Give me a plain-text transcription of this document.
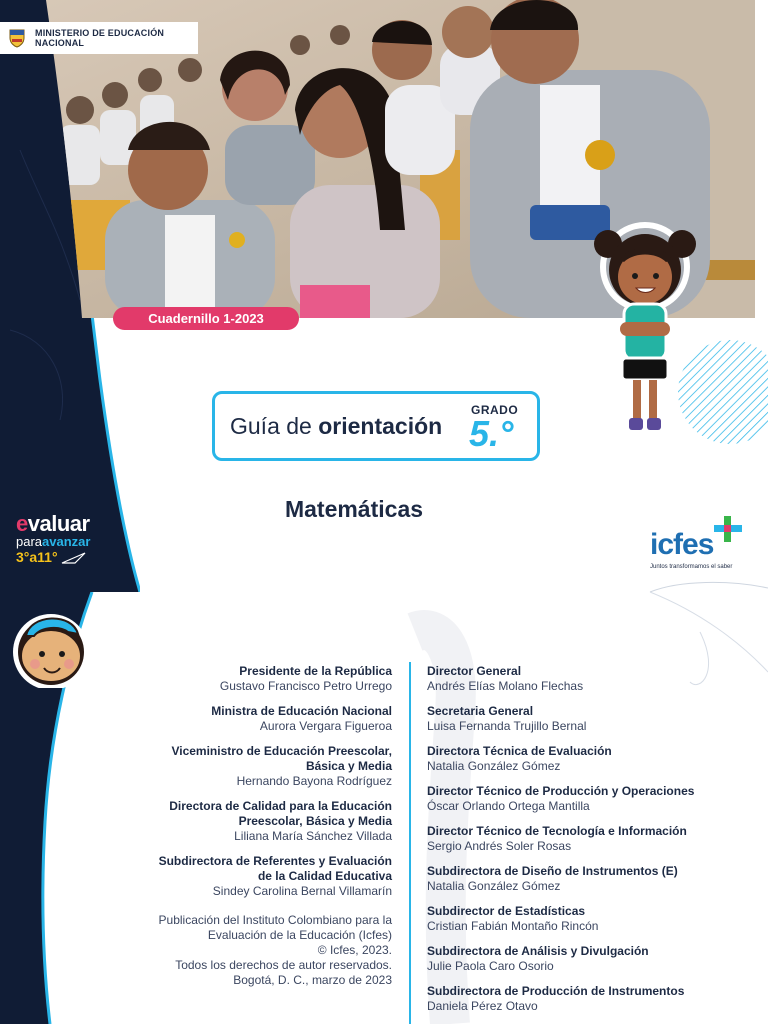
MINISTERIO DE EDUCACIÓN
NACIONAL
Cuadernillo 1-2023
Guía de orientación
GRADO
5.°
Matemáticas
evaluar
paraavanzar
3°a11°	icfes
Juntos transformamos el saber
Presidente de la República
Gustavo Francisco Petro Urrego
Ministra de Educación Nacional
Aurora Vergara Figueroa
Viceministro de Educación Preescolar,
Básica y Media
Hernando Bayona Rodríguez
Directora de Calidad para la Educación
Preescolar, Básica y Media
Liliana María Sánchez Villada
Subdirectora de Referentes y Evaluación
de la Calidad Educativa
Sindey Carolina Bernal Villamarín
Publicación del Instituto Colombiano para la
Evaluación de la Educación (Icfes)
© Icfes, 2023.
Todos los derechos de autor reservados.
Bogotá, D. C., marzo de 2023
Director General
Andrés Elías Molano Flechas
Secretaria General
Luisa Fernanda Trujillo Bernal
Directora Técnica de Evaluación
Natalia González Gómez
Director Técnico de Producción y Operaciones
Óscar Orlando Ortega Mantilla
Director Técnico de Tecnología e Información
Sergio Andrés Soler Rosas
Subdirectora de Diseño de Instrumentos (E)
Natalia González Gómez
Subdirector de Estadísticas
Cristian Fabián Montaño Rincón
Subdirectora de Análisis y Divulgación
Julie Paola Caro Osorio
Subdirectora de Producción de Instrumentos
Daniela Pérez Otavo
